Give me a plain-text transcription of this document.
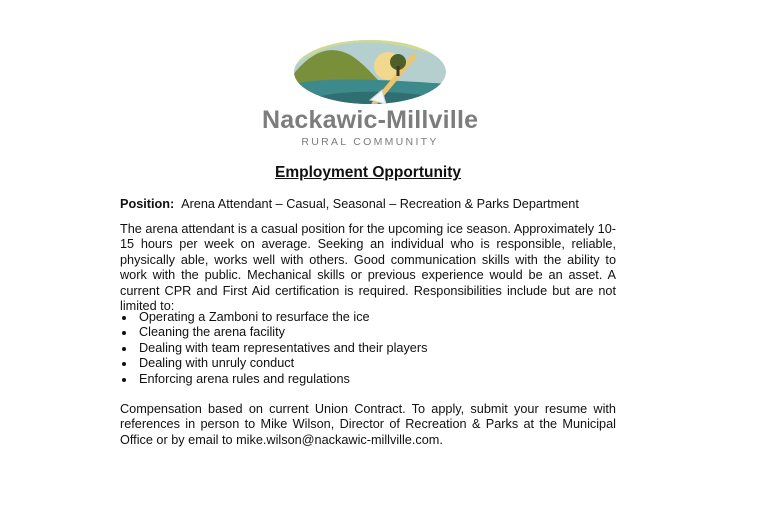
Nackawic-Millville
RURAL COMMUNITY
Employment Opportunity
Position: Arena Attendant – Casual, Seasonal – Recreation & Parks Department

The arena attendant is a casual position for the upcoming ice season. Approximately 10-15 hours per week on average. Seeking an individual who is responsible, reliable, physically able, works well with others. Good communication skills with the ability to work with the public. Mechanical skills or previous experience would be an asset. A current CPR and First Aid certification is required. Responsibilities include but are not limited to:

Operating a Zamboni to resurface the ice
Cleaning the arena facility
Dealing with team representatives and their players
Dealing with unruly conduct
Enforcing arena rules and regulations

Compensation based on current Union Contract. To apply, submit your resume with references in person to Mike Wilson, Director of Recreation & Parks at the Municipal Office or by email to mike.wilson@nackawic-millville.com.
